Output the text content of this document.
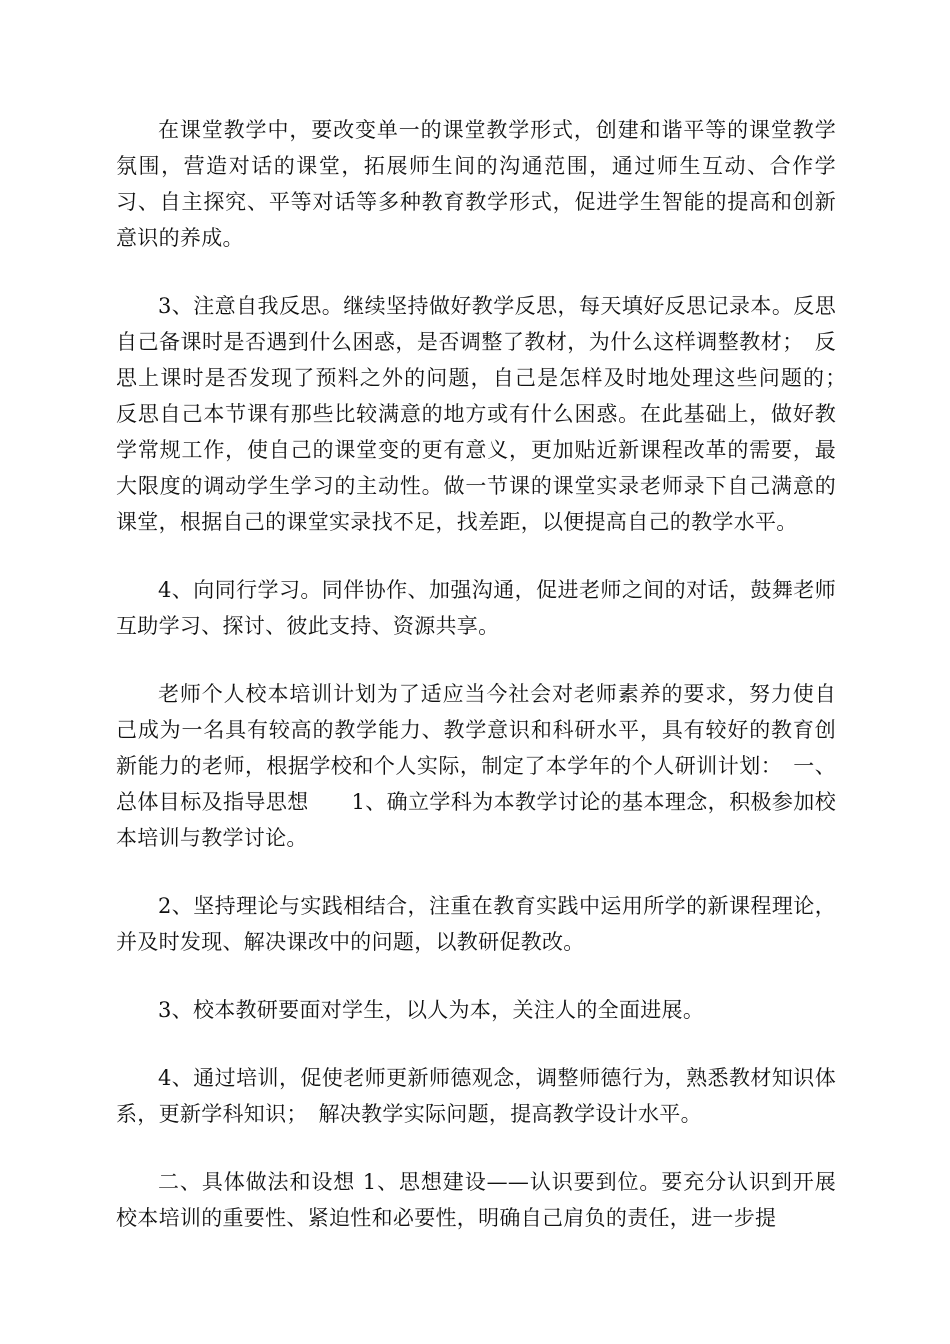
在课堂教学中，要改变单一的课堂教学形式，创建和谐平等的课堂教学氛围，营造对话的课堂，拓展师生间的沟通范围，通过师生互动、合作学习、自主探究、平等对话等多种教育教学形式，促进学生智能的提高和创新意识的养成。

3、注意自我反思。继续坚持做好教学反思，每天填好反思记录本。反思自己备课时是否遇到什么困惑，是否调整了教材，为什么这样调整教材；　反思上课时是否发现了预料之外的问题，自己是怎样及时地处理这些问题的；　反思自己本节课有那些比较满意的地方或有什么困惑。在此基础上，做好教学常规工作，使自己的课堂变的更有意义，更加贴近新课程改革的需要，最大限度的调动学生学习的主动性。做一节课的课堂实录老师录下自己满意的课堂，根据自己的课堂实录找不足，找差距，以便提高自己的教学水平。

4、向同行学习。同伴协作、加强沟通，促进老师之间的对话，鼓舞老师互助学习、探讨、彼此支持、资源共享。

老师个人校本培训计划为了适应当今社会对老师素养的要求，努力使自己成为一名具有较高的教学能力、教学意识和科研水平，具有较好的教育创新能力的老师，根据学校和个人实际，制定了本学年的个人研训计划：　一、总体目标及指导思想　　1、确立学科为本教学讨论的基本理念，积极参加校本培训与教学讨论。

2、坚持理论与实践相结合，注重在教育实践中运用所学的新课程理论，并及时发现、解决课改中的问题，以教研促教改。

3、校本教研要面对学生，以人为本，关注人的全面进展。

4、通过培训，促使老师更新师德观念，调整师德行为，熟悉教材知识体系，更新学科知识；　解决教学实际问题，提高教学设计水平。

二、具体做法和设想 1、思想建设——认识要到位。要充分认识到开展校本培训的重要性、紧迫性和必要性，明确自己肩负的责任，进一步提
